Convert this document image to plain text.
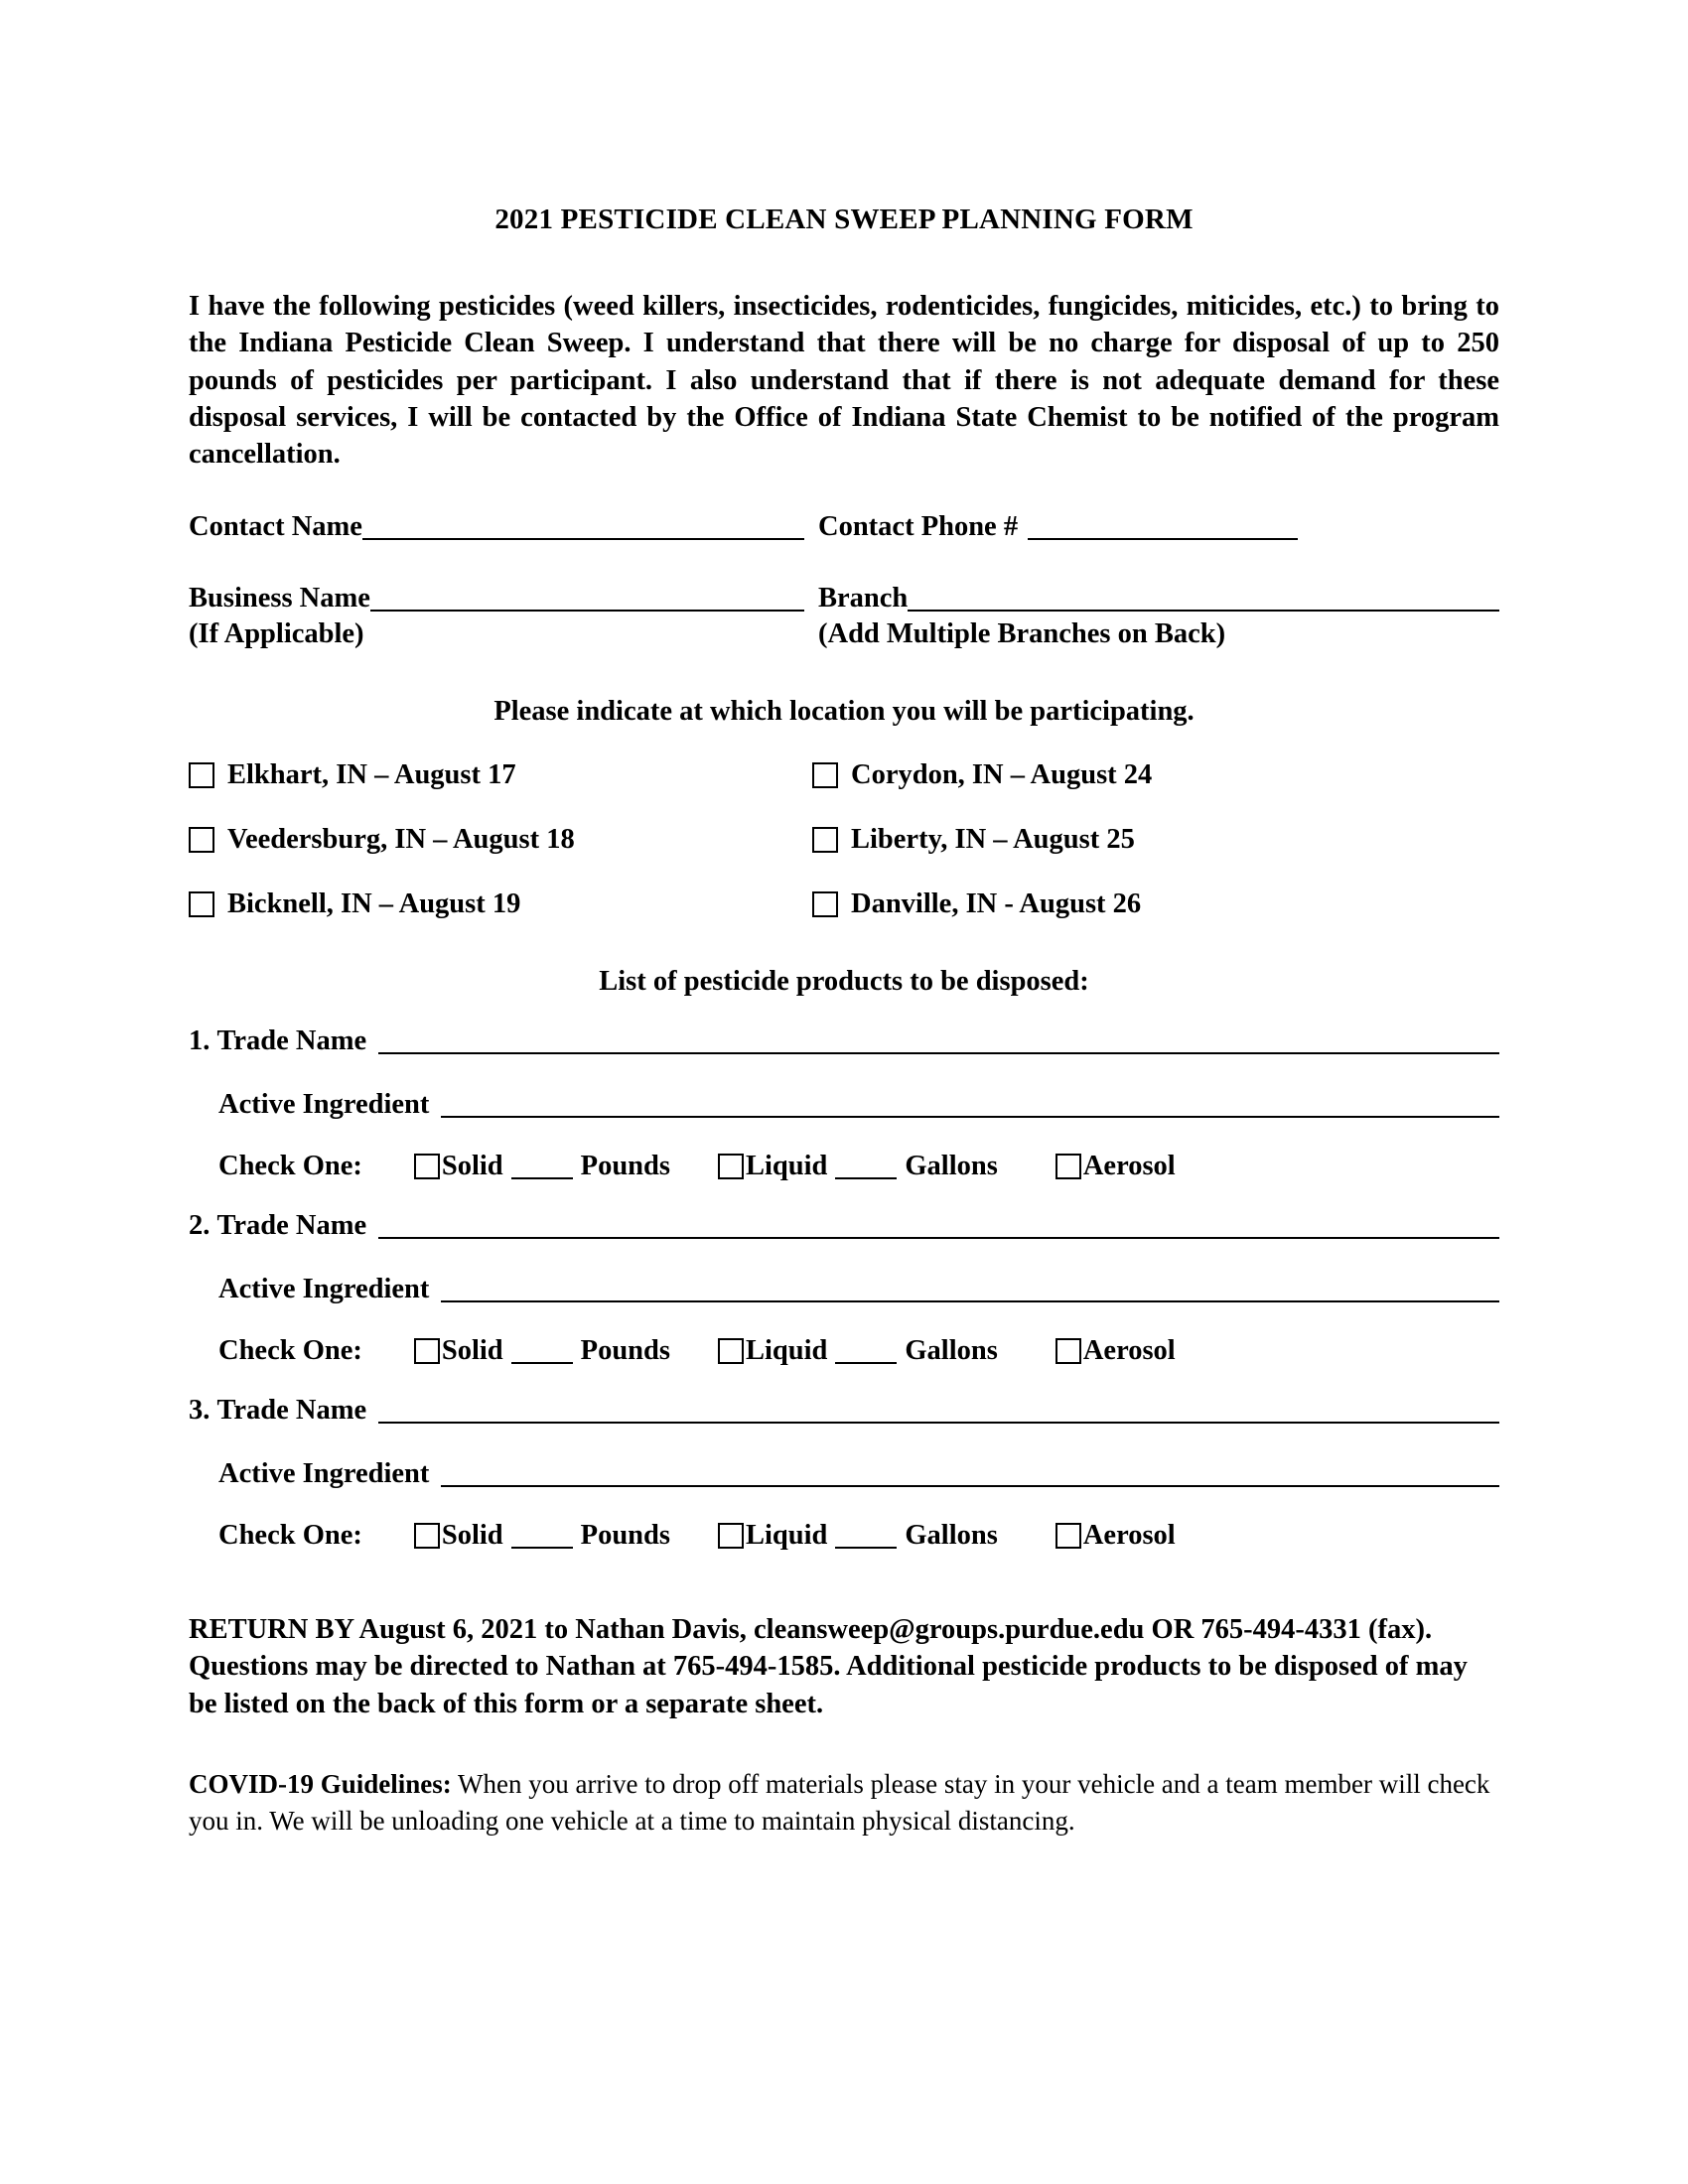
2021 PESTICIDE CLEAN SWEEP PLANNING FORM

I have the following pesticides (weed killers, insecticides, rodenticides, fungicides, miticides, etc.) to bring to the Indiana Pesticide Clean Sweep. I understand that there will be no charge for disposal of up to 250 pounds of pesticides per participant. I also understand that if there is not adequate demand for these disposal services, I will be contacted by the Office of Indiana State Chemist to be notified of the program cancellation.

Contact Name	Contact Phone #
Business Name	Branch
(If Applicable)	(Add Multiple Branches on Back)
Please indicate at which location you will be participating.
Elkhart, IN – August 17	Corydon, IN – August 24
Veedersburg, IN – August 18	Liberty, IN – August 25
Bicknell, IN – August 19	Danville, IN - August 26
List of pesticide products to be disposed:
1. Trade Name
Active Ingredient
Check One:	Solid	Pounds	Liquid	Gallons	Aerosol
2. Trade Name
Active Ingredient
Check One:	Solid	Pounds	Liquid	Gallons	Aerosol
3. Trade Name
Active Ingredient
Check One:	Solid	Pounds	Liquid	Gallons	Aerosol

RETURN BY August 6, 2021 to Nathan Davis, cleansweep@groups.purdue.edu OR 765-494-4331 (fax). Questions may be directed to Nathan at 765-494-1585. Additional pesticide products to be disposed of may be listed on the back of this form or a separate sheet.

COVID-19 Guidelines: When you arrive to drop off materials please stay in your vehicle and a team member will check you in. We will be unloading one vehicle at a time to maintain physical distancing.
